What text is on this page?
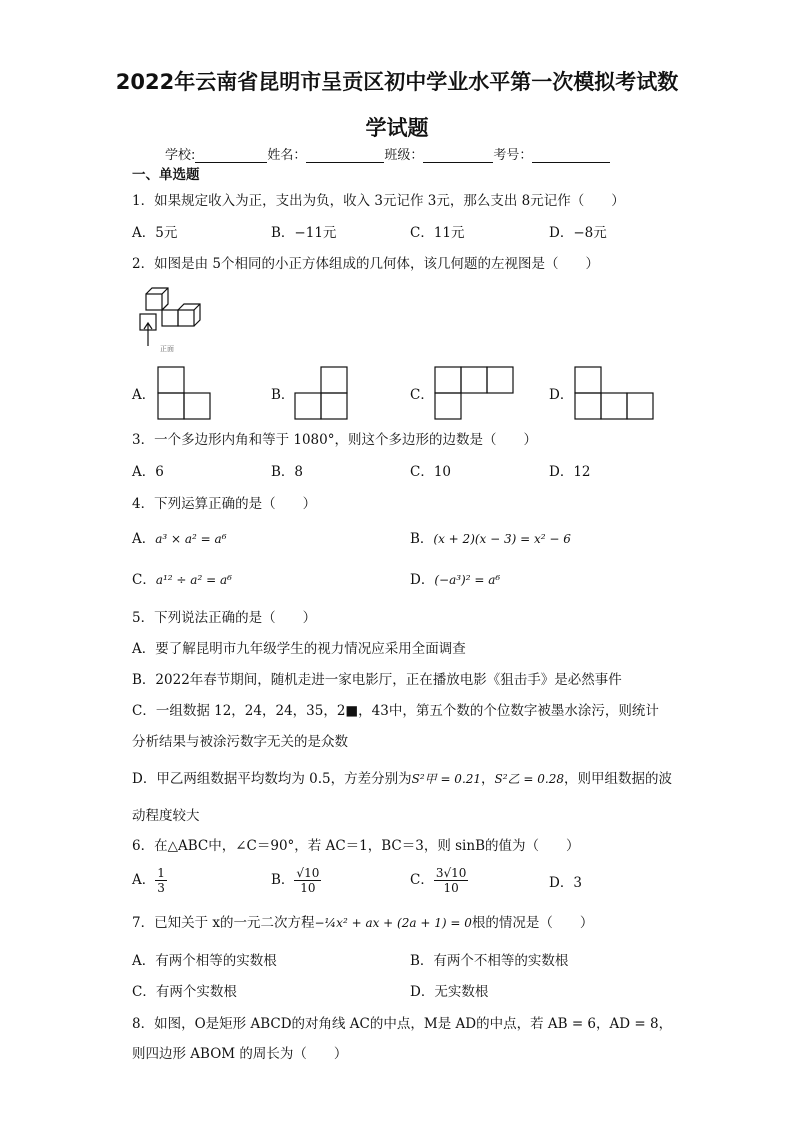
2022年云南省昆明市呈贡区初中学业水平第一次模拟考试数
学试题
学校:	姓名：	班级：	考号：
一、单选题
1．如果规定收入为正，支出为负，收入 3元记作 3元，那么支出 8元记作（　　）
A．5元	B．−11元	C．11元	D．−8元
2．如图是由 5个相同的小正方体组成的几何体，该几何题的左视图是（　　）
正面
A．	B．	C．	D．
3．一个多边形内角和等于 1080°，则这个多边形的边数是（　　）
A．6	B．8	C．10	D．12
4．下列运算正确的是（　　）
A．a³ × a² = a⁶	B．(x + 2)(x − 3) = x² − 6
C．a¹² ÷ a² = a⁶	D．(−a³)² = a⁶
5．下列说法正确的是（　　）
A．要了解昆明市九年级学生的视力情况应采用全面调查
B．2022年春节期间，随机走进一家电影厅，正在播放电影《狙击手》是必然事件
C．一组数据 12，24，24，35，2■，43中，第五个数的个位数字被墨水涂污，则统计
分析结果与被涂污数字无关的是众数
D．甲乙两组数据平均数均为 0.5，方差分别为S²甲 = 0.21，S²乙 = 0.28，则甲组数据的波
动程度较大
6．在△ABC中，∠C＝90°，若 AC＝1，BC＝3，则 sinB的值为（　　）
A． $\frac{1}{3}$	B． $\frac{√10}{10}$	C． $\frac{3√10}{10}$	D．3
7．已知关于 x的一元二次方程−¼x² + ax + (2a + 1) = 0根的情况是（　　）
A．有两个相等的实数根	B．有两个不相等的实数根
C．有两个实数根	D．无实数根
8．如图，O是矩形 ABCD的对角线 AC的中点，M是 AD的中点，若 AB = 6，AD = 8，
则四边形 ABOM 的周长为（　　）
